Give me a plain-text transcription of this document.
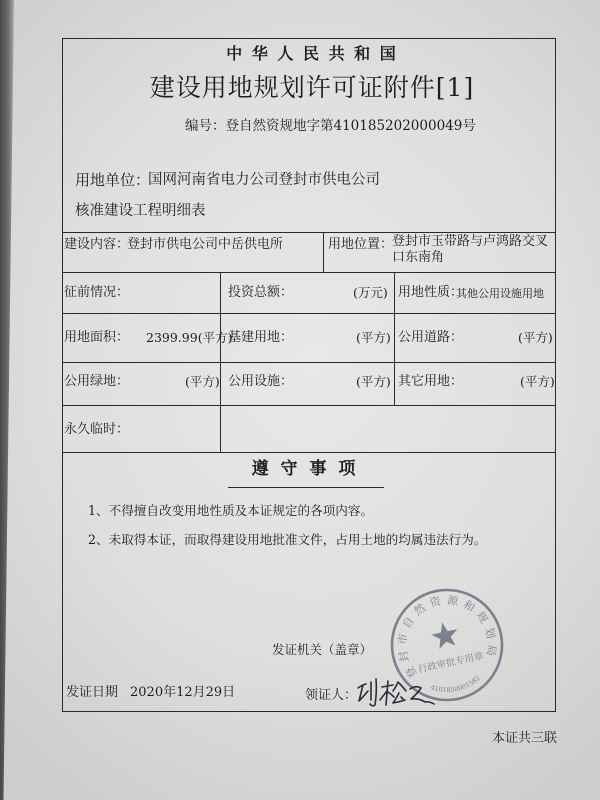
中 华 人 民 共 和 国
建设用地规划许可证附件[1]
编号：登自然资规地字第410185202000049号
用地单位：
国网河南省电力公司登封市供电公司
核准建设工程明细表
建设内容：
登封市供电公司中岳供电所	用地位置：
登封市玉带路与卢鸿路交叉口东南角
征前情况：	投资总额：	(万元) 用地性质：
其他公用设施用地
用地面积： 2399.99(平方)
基建用地：	(平方) 公用道路：	(平方)
公用绿地：	(平方) 公用设施：	(平方) 其它用地：	(平方)
永久临时：
遵 守 事 项
1、不得擅自改变用地性质及本证规定的各项内容。
2、未取得本证，而取得建设用地批准文件，占用土地的均属违法行为。
发证机关（盖章）
登封市自然资源和规划局
行政审批专用章
4101850001582
发证日期 2020年12月29日	领证人：
本证共三联
